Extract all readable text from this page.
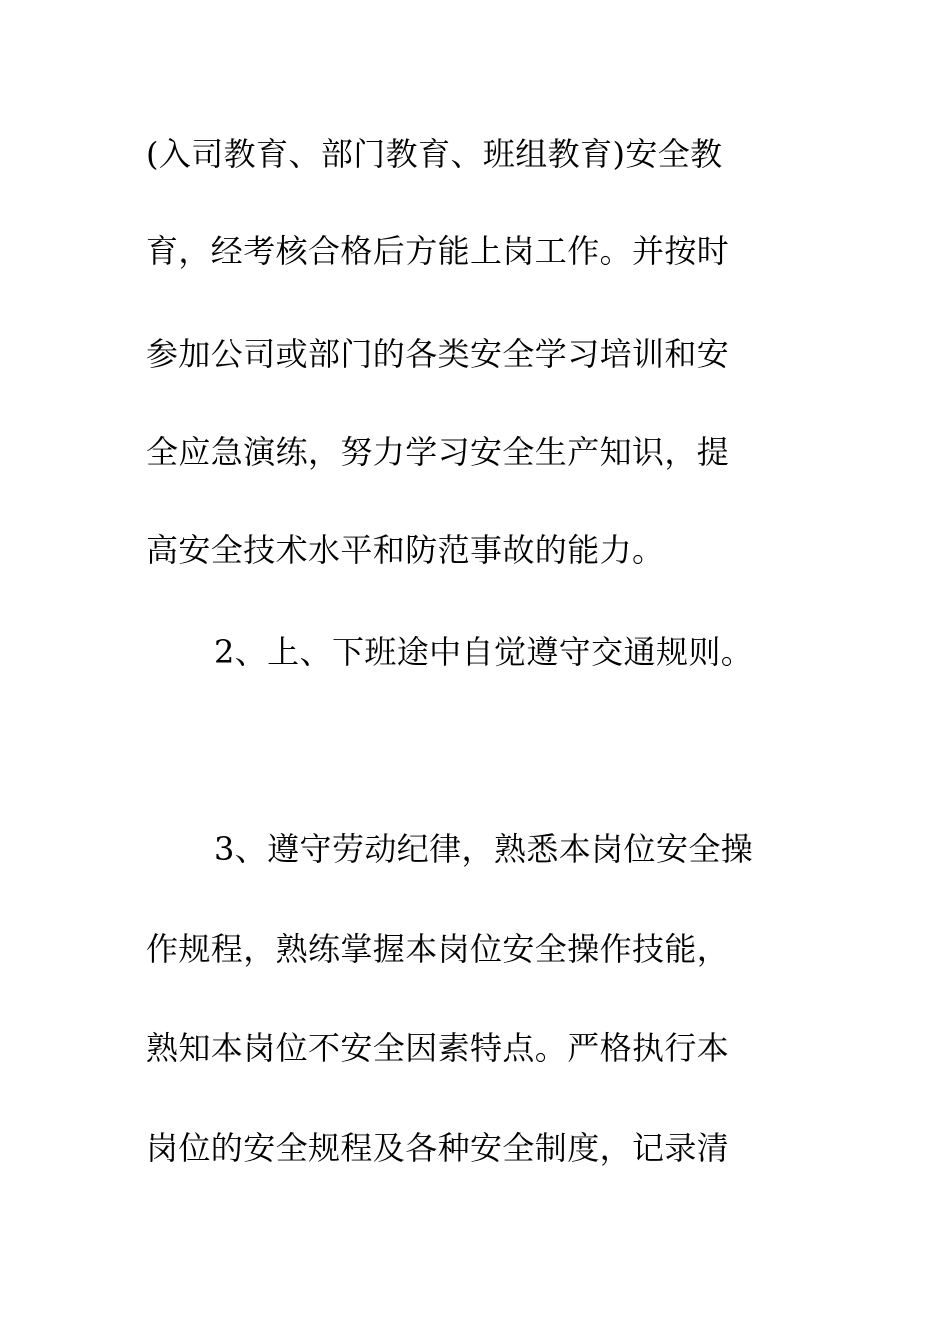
(入司教育、部门教育、班组教育)安全教
育，经考核合格后方能上岗工作。并按时
参加公司或部门的各类安全学习培训和安
全应急演练，努力学习安全生产知识，提
高安全技术水平和防范事故的能力。
2、上、下班途中自觉遵守交通规则。
3、遵守劳动纪律，熟悉本岗位安全操
作规程，熟练掌握本岗位安全操作技能，
熟知本岗位不安全因素特点。严格执行本
岗位的安全规程及各种安全制度，记录清
